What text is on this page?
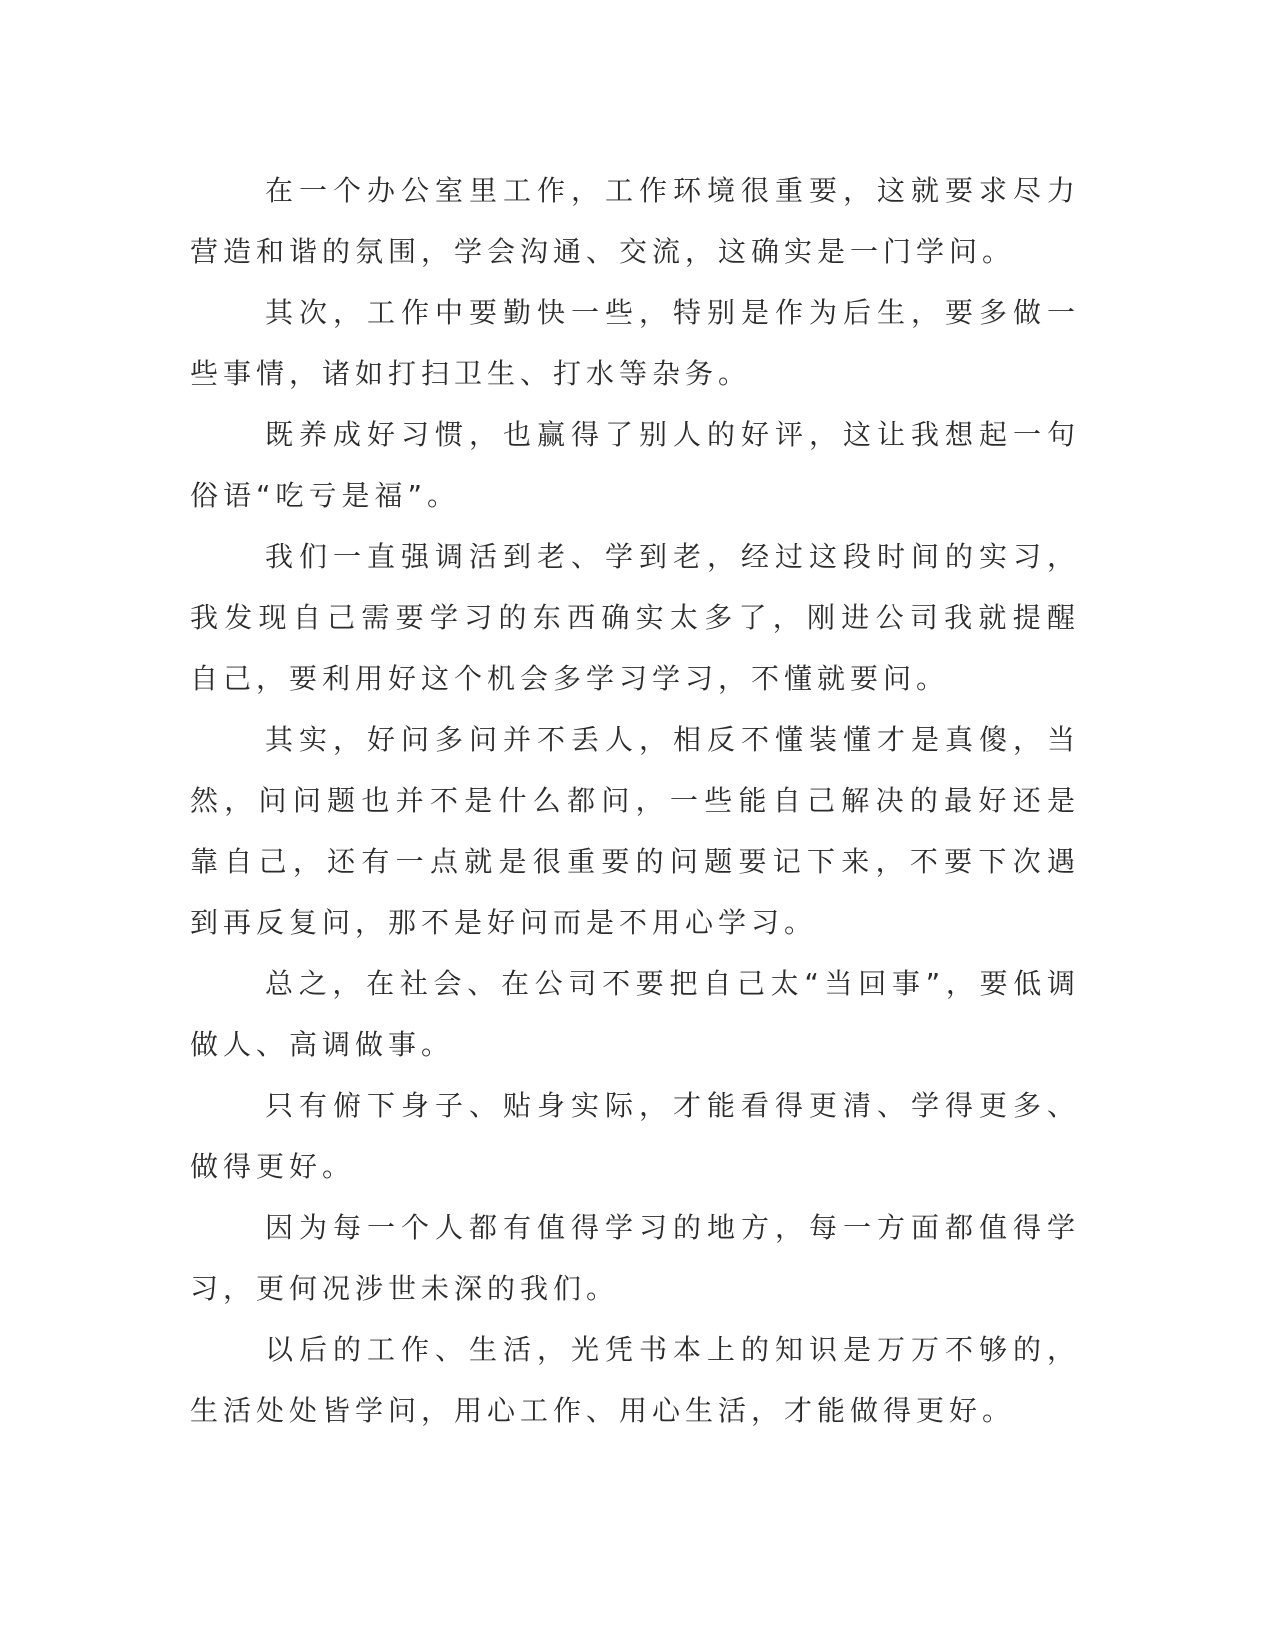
在一个办公室里工作，工作环境很重要，这就要求尽力营造和谐的氛围，学会沟通、交流，这确实是一门学问。

其次，工作中要勤快一些，特别是作为后生，要多做一些事情，诸如打扫卫生、打水等杂务。

既养成好习惯，也赢得了别人的好评，这让我想起一句俗语“吃亏是福”。

我们一直强调活到老、学到老，经过这段时间的实习，我发现自己需要学习的东西确实太多了，刚进公司我就提醒自己，要利用好这个机会多学习学习，不懂就要问。

其实，好问多问并不丢人，相反不懂装懂才是真傻，当然，问问题也并不是什么都问，一些能自己解决的最好还是靠自己，还有一点就是很重要的问题要记下来，不要下次遇到再反复问，那不是好问而是不用心学习。

总之，在社会、在公司不要把自己太“当回事”，要低调做人、高调做事。

只有俯下身子、贴身实际，才能看得更清、学得更多、做得更好。

因为每一个人都有值得学习的地方，每一方面都值得学习，更何况涉世未深的我们。

以后的工作、生活，光凭书本上的知识是万万不够的，生活处处皆学问，用心工作、用心生活，才能做得更好。
